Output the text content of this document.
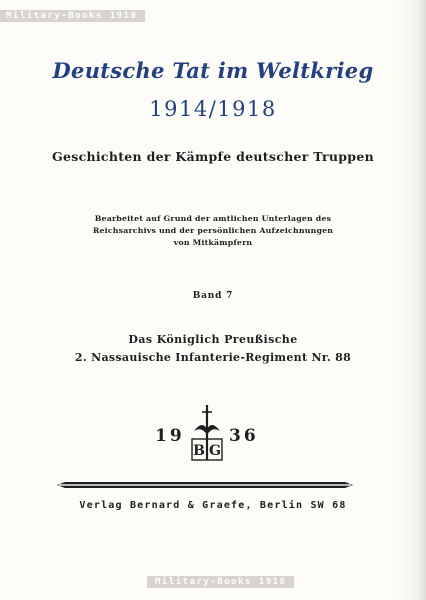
Military-Books 1918
Deutsche Tat im Weltkrieg
1914/1918
Geschichten der Kämpfe deutscher Truppen
Bearbeitet auf Grund der amtlichen Unterlagen des
Reichsarchivs und der persönlichen Aufzeichnungen
von Mitkämpfern
Band 7
Das Königlich Preußische
2. Nassauische Infanterie-Regiment Nr. 88
19
B G
36
Verlag Bernard & Graefe, Berlin SW 68
Military-Books 1918
